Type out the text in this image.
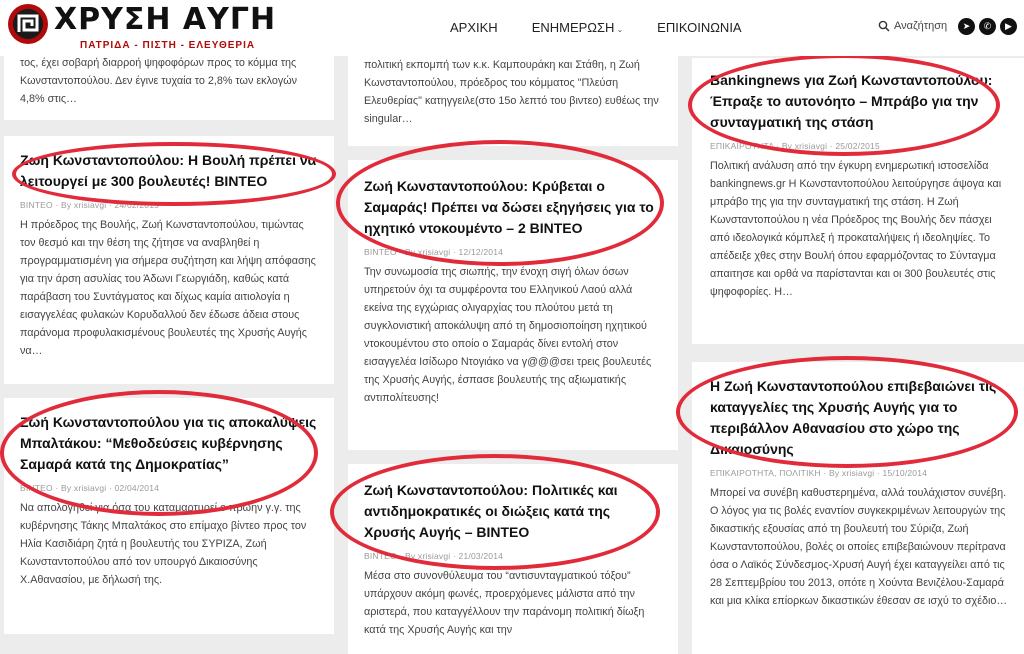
τος, έχει σοβαρή διαρροή ψηφοφόρων προς το κόμμα της Κωνσταντοπούλου. Δεν έγινε τυχαία το 2,8% των εκλογών 4,8% στις…
Ζωή Κωνσταντοπούλου: Η Βουλή πρέπει να λειτουργεί με 300 βουλευτές! ΒΙΝΤΕΟ
ΒΙΝΤΕΟ · By xrisiavgi · 24/02/2015
Η πρόεδρος της Βουλής, Ζωή Κωνσταντοπούλου, τιμώντας τον θεσμό και την θέση της ζήτησε να αναβληθεί η προγραμματισμένη για σήμερα συζήτηση και λήψη απόφασης για την άρση ασυλίας του Άδωνι Γεωργιάδη, καθώς κατά παράβαση του Συντάγματος και δίχως καμία αιτιολογία η εισαγγελέας φυλακών Κορυδαλλού δεν έδωσε άδεια στους παράνομα προφυλακισμένους βουλευτές της Χρυσής Αυγής να…
Ζωή Κωνσταντοπούλου για τις αποκαλύψεις Μπαλτάκου: “Μεθοδεύσεις κυβέρνησης Σαμαρά κατά της Δημοκρατίας”
ΒΙΝΤΕΟ · By xrisiavgi · 02/04/2014
Να απολογηθεί για όσα του καταμαρτυρεί ο πρώην γ.γ. της κυβέρνησης Τάκης Μπαλτάκος στο επίμαχο βίντεο προς τον Ηλία Κασιδιάρη ζητά η βουλευτής του ΣΥΡΙΖΑ, Ζωή Κωνσταντοπούλου από τον υπουργό Δικαιοσύνης Χ.Αθανασίου, με δήλωσή της.
πολιτική εκπομπή των κ.κ. Καμπουράκη και Στάθη, η Ζωή Κωνσταντοπούλου, πρόεδρος του κόμματος "Πλεύση Ελευθερίας" κατηγγειλε(στο 15ο λεπτό του βιντεο) ευθέως την singular…
Ζωή Κωνσταντοπούλου: Κρύβεται ο Σαμαράς! Πρέπει να δώσει εξηγήσεις για το ηχητικό ντοκουμέντο – 2 ΒΙΝΤΕΟ
ΒΙΝΤΕΟ · By xrisiavgi · 12/12/2014
Την συνωμοσία της σιωπής, την ένοχη σιγή όλων όσων υπηρετούν όχι τα συμφέροντα του Ελληνικού Λαού αλλά εκείνα της εγχώριας ολιγαρχίας του πλούτου μετά τη συγκλονιστική αποκάλυψη από τη δημοσιοποίηση ηχητικού ντοκουμέντου στο οποίο ο Σαμαράς δίνει εντολή στον εισαγγελέα Ισίδωρο Ντογιάκο να γ@@@σει τρεις βουλευτές της Χρυσής Αυγής, έσπασε βουλευτής της αξιωματικής αντιπολίτευσης!
Ζωή Κωνσταντοπούλου: Πολιτικές και αντιδημοκρατικές οι διώξεις κατά της Χρυσής Αυγής – ΒΙΝΤΕΟ
ΒΙΝΤΕΟ · By xrisiavgi · 21/03/2014
Μέσα στο συνονθύλευμα του “αντισυνταγματικού τόξου” υπάρχουν ακόμη φωνές, προερχόμενες μάλιστα από την αριστερά, που καταγγέλλουν την παράνομη πολιτική δίωξη κατά της Χρυσής Αυγής και την
Bankingnews για Ζωή Κωνσταντοπούλου: Έπραξε το αυτονόητο – Μπράβο για την συνταγματική της στάση
ΕΠΙΚΑΙΡΟΤΗΤΑ · By xrisiavgi · 25/02/2015
Πολιτική ανάλυση από την έγκυρη ενημερωτική ιστοσελίδα bankingnews.gr Η Κωνσταντοπούλου λειτούργησε άψογα και μπράβο της για την συνταγματική της στάση. Η Ζωή Κωνσταντοπούλου η νέα Πρόεδρος της Βουλής δεν πάσχει από ιδεολογικά κόμπλεξ ή προκαταλήψεις ή ιδεοληψίες. Το απέδειξε χθες στην Βουλή όπου εφαρμόζοντας το Σύνταγμα απαιτησε και ορθά να παρίστανται και οι 300 βουλευτές στις ψηφοφορίες. Η…
Η Ζωή Κωνσταντοπούλου επιβεβαιώνει τις καταγγελίες της Χρυσής Αυγής για το περιβάλλον Αθανασίου στο χώρο της Δικαιοσύνης
ΕΠΙΚΑΙΡΟΤΗΤΑ, ΠΟΛΙΤΙΚΗ · By xrisiavgi · 15/10/2014
Μπορεί να συνέβη καθυστερημένα, αλλά τουλάχιστον συνέβη. Ο λόγος για τις βολές εναντίον συγκεκριμένων λειτουργών της δικαστικής εξουσίας από τη βουλευτή του Σύριζα, Ζωή Κωνσταντοπούλου, βολές οι οποίες επιβεβαιώνουν περίτρανα όσα ο Λαϊκός Σύνδεσμος-Χρυσή Αυγή έχει καταγγείλει από τις 28 Σεπτεμβρίου του 2013, οπότε η Χούντα Βενιζέλου-Σαμαρά και μια κλίκα επίορκων δικαστικών έθεσαν σε ισχύ το σχέδιο…
ΧΡΥΣΗ ΑΥΓΗ
ΠΑΤΡΙΔΑ - ΠΙΣΤΗ - ΕΛΕΥΘΕΡΙΑ
ΑΡΧΙΚΗ	ΕΝΗΜΕΡΩΣΗ ⌄	ΕΠΙΚΟΙΝΩΝΙΑ	Αναζήτηση	➤	✆	▶
